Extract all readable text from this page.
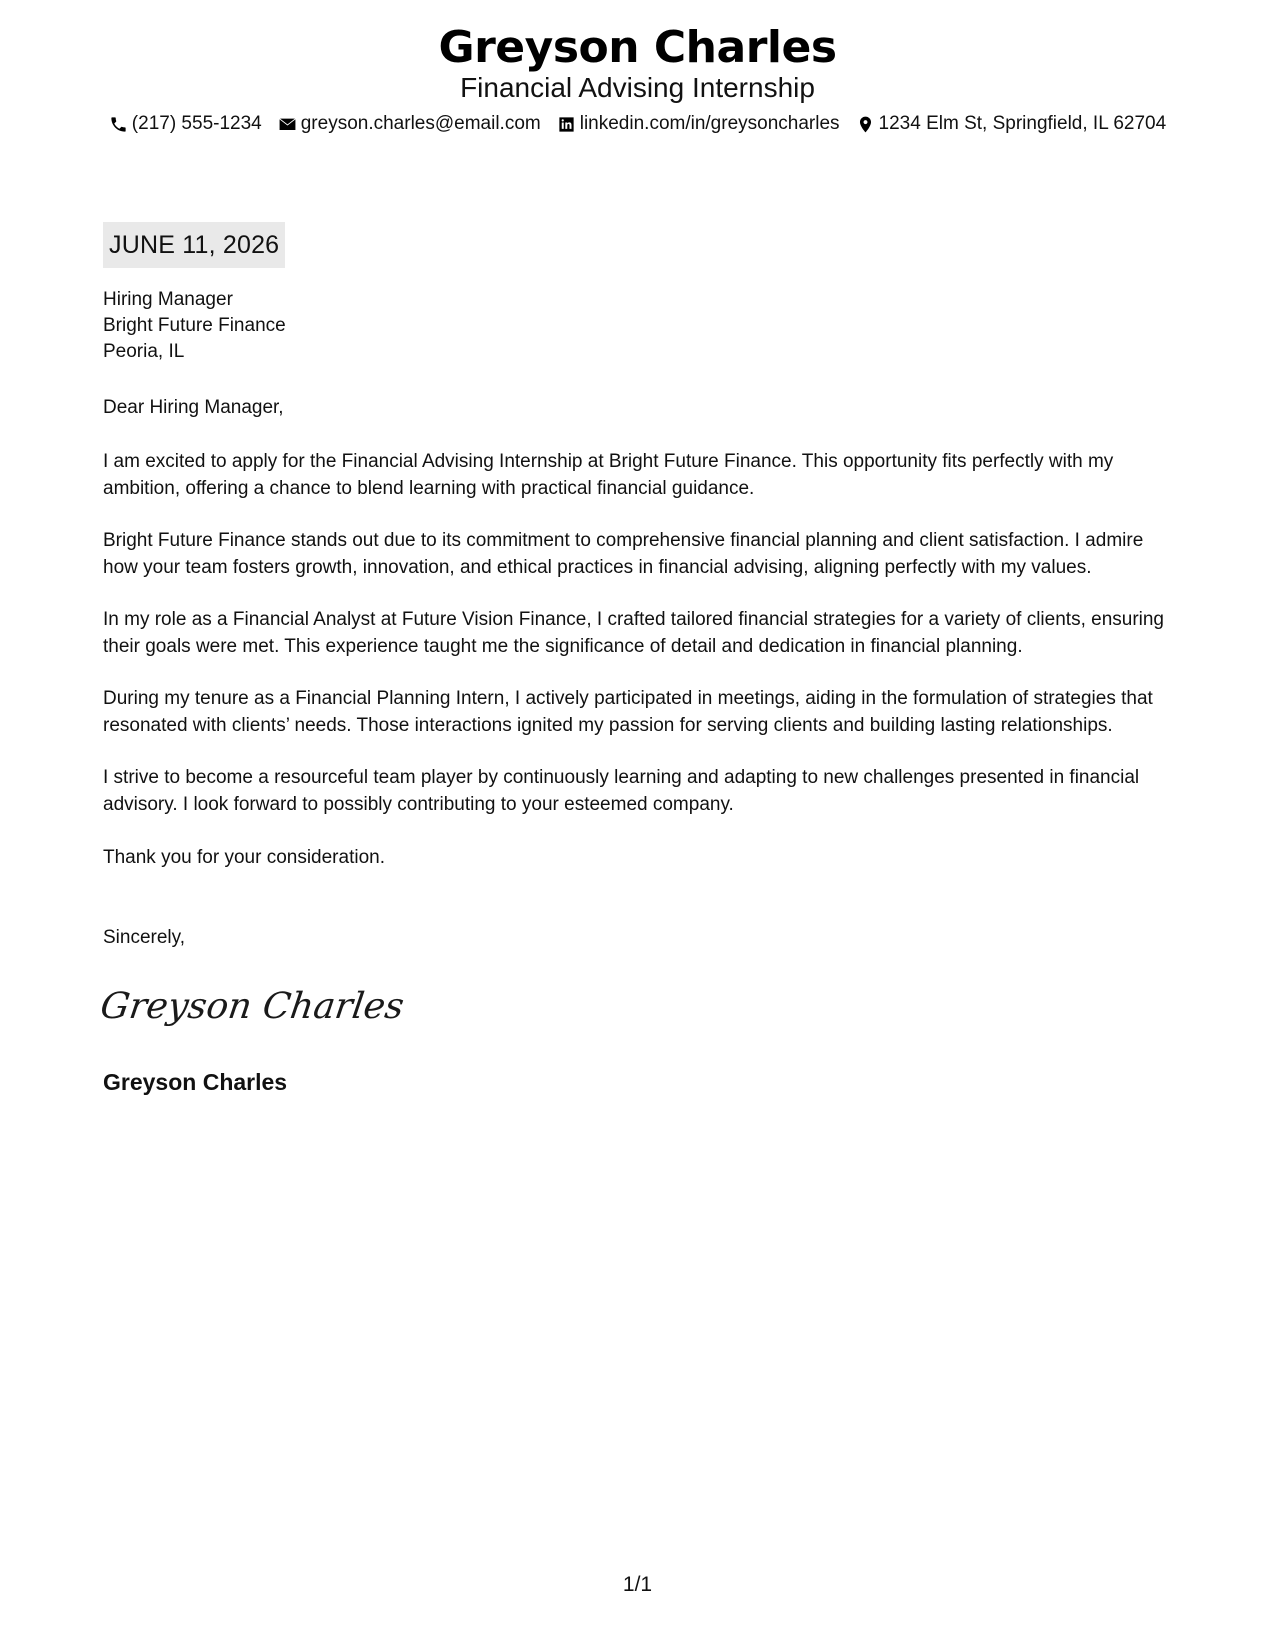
Greyson Charles
Financial Advising Internship
(217) 555-1234 greyson.charles@email.com linkedin.com/in/greysoncharles 1234 Elm St, Springfield, IL 62704
JUNE 11, 2026
Hiring Manager
Bright Future Finance
Peoria, IL

Dear Hiring Manager,

I am excited to apply for the Financial Advising Internship at Bright Future Finance. This opportunity fits perfectly with my ambition, offering a chance to blend learning with practical financial guidance.

Bright Future Finance stands out due to its commitment to comprehensive financial planning and client satisfaction. I admire how your team fosters growth, innovation, and ethical practices in financial advising, aligning perfectly with my values.

In my role as a Financial Analyst at Future Vision Finance, I crafted tailored financial strategies for a variety of clients, ensuring their goals were met. This experience taught me the significance of detail and dedication in financial planning.

During my tenure as a Financial Planning Intern, I actively participated in meetings, aiding in the formulation of strategies that resonated with clients’ needs. Those interactions ignited my passion for serving clients and building lasting relationships.

I strive to become a resourceful team player by continuously learning and adapting to new challenges presented in financial advisory. I look forward to possibly contributing to your esteemed company.

Thank you for your consideration.

Sincerely,

Greyson Charles
Greyson Charles
1/1
